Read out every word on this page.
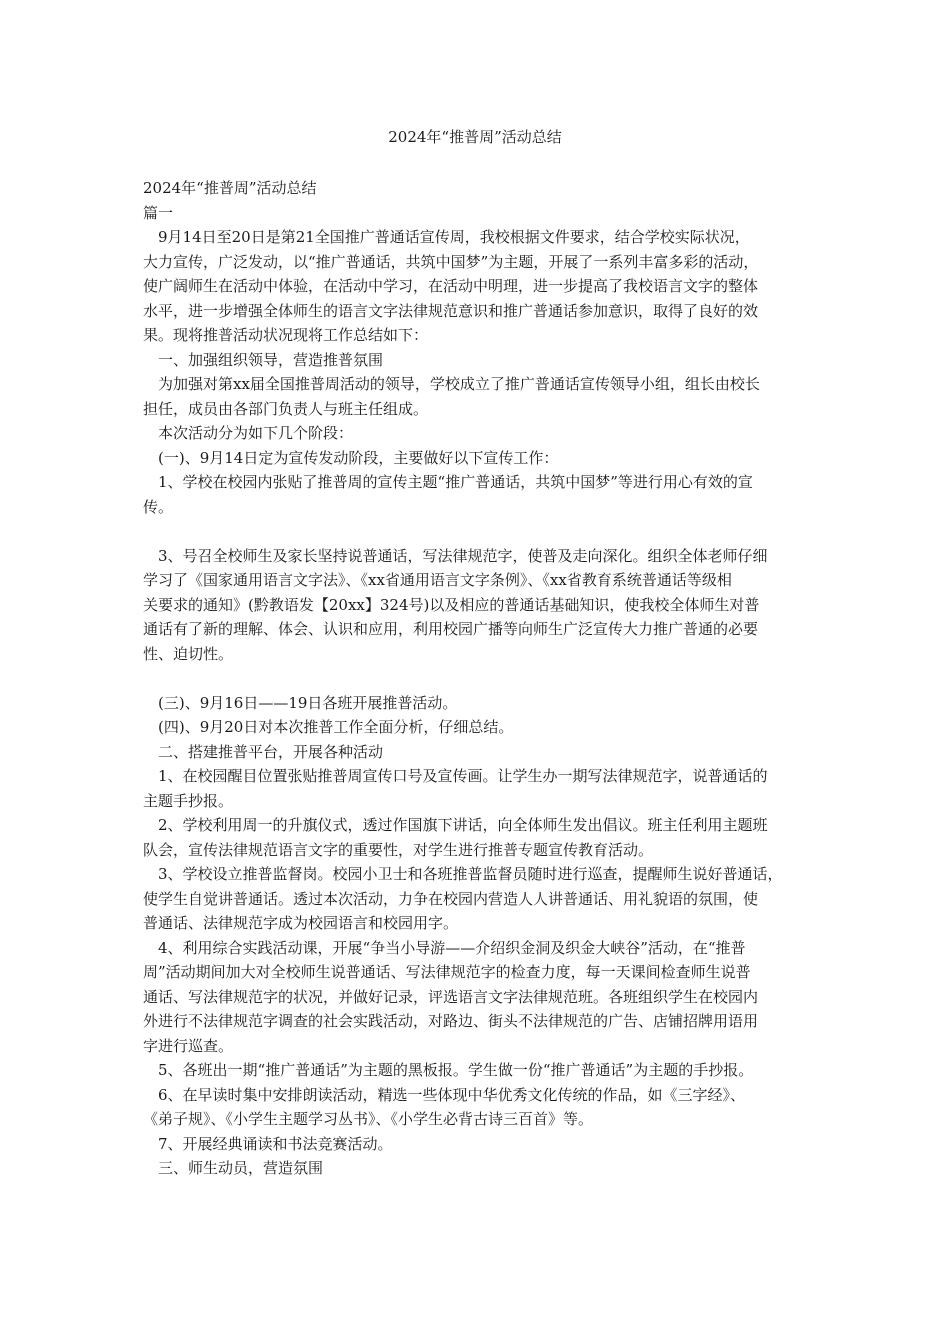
2024年“推普周”活动总结
2024年“推普周”活动总结
篇一
　9月14日至20日是第21全国推广普通话宣传周，我校根据文件要求，结合学校实际状况，
大力宣传，广泛发动，以“推广普通话，共筑中国梦”为主题，开展了一系列丰富多彩的活动，
使广阔师生在活动中体验，在活动中学习，在活动中明理，进一步提高了我校语言文字的整体
水平，进一步增强全体师生的语言文字法律规范意识和推广普通话参加意识，取得了良好的效
果。现将推普活动状况现将工作总结如下：
　一、加强组织领导，营造推普氛围
　为加强对第xx届全国推普周活动的领导，学校成立了推广普通话宣传领导小组，组长由校长
担任，成员由各部门负责人与班主任组成。
　本次活动分为如下几个阶段：
　(一)、9月14日定为宣传发动阶段，主要做好以下宣传工作：
　1、学校在校园内张贴了推普周的宣传主题“推广普通话，共筑中国梦”等进行用心有效的宣
传。
　3、号召全校师生及家长坚持说普通话，写法律规范字，使普及走向深化。组织全体老师仔细
学习了《国家通用语言文字法》、《xx省通用语言文字条例》、《xx省教育系统普通话等级相
关要求的通知》(黔教语发【20xx】324号)以及相应的普通话基础知识，使我校全体师生对普
通话有了新的理解、体会、认识和应用，利用校园广播等向师生广泛宣传大力推广普通的必要
性、迫切性。
　(三)、9月16日——19日各班开展推普活动。
　(四)、9月20日对本次推普工作全面分析，仔细总结。
　二、搭建推普平台，开展各种活动
　1、在校园醒目位置张贴推普周宣传口号及宣传画。让学生办一期写法律规范字，说普通话的
主题手抄报。
　2、学校利用周一的升旗仪式，透过作国旗下讲话，向全体师生发出倡议。班主任利用主题班
队会，宣传法律规范语言文字的重要性，对学生进行推普专题宣传教育活动。
　3、学校设立推普监督岗。校园小卫士和各班推普监督员随时进行巡查，提醒师生说好普通话，
使学生自觉讲普通话。透过本次活动，力争在校园内营造人人讲普通话、用礼貌语的氛围，使
普通话、法律规范字成为校园语言和校园用字。
　4、利用综合实践活动课，开展“争当小导游——介绍织金洞及织金大峡谷”活动，在“推普
周”活动期间加大对全校师生说普通话、写法律规范字的检查力度，每一天课间检查师生说普
通话、写法律规范字的状况，并做好记录，评选语言文字法律规范班。各班组织学生在校园内
外进行不法律规范字调查的社会实践活动，对路边、街头不法律规范的广告、店铺招牌用语用
字进行巡查。
　5、各班出一期“推广普通话”为主题的黑板报。学生做一份“推广普通话”为主题的手抄报。
　6、在早读时集中安排朗读活动，精选一些体现中华优秀文化传统的作品，如《三字经》、
《弟子规》、《小学生主题学习丛书》、《小学生必背古诗三百首》等。
　7、开展经典诵读和书法竞赛活动。
　三、师生动员，营造氛围
